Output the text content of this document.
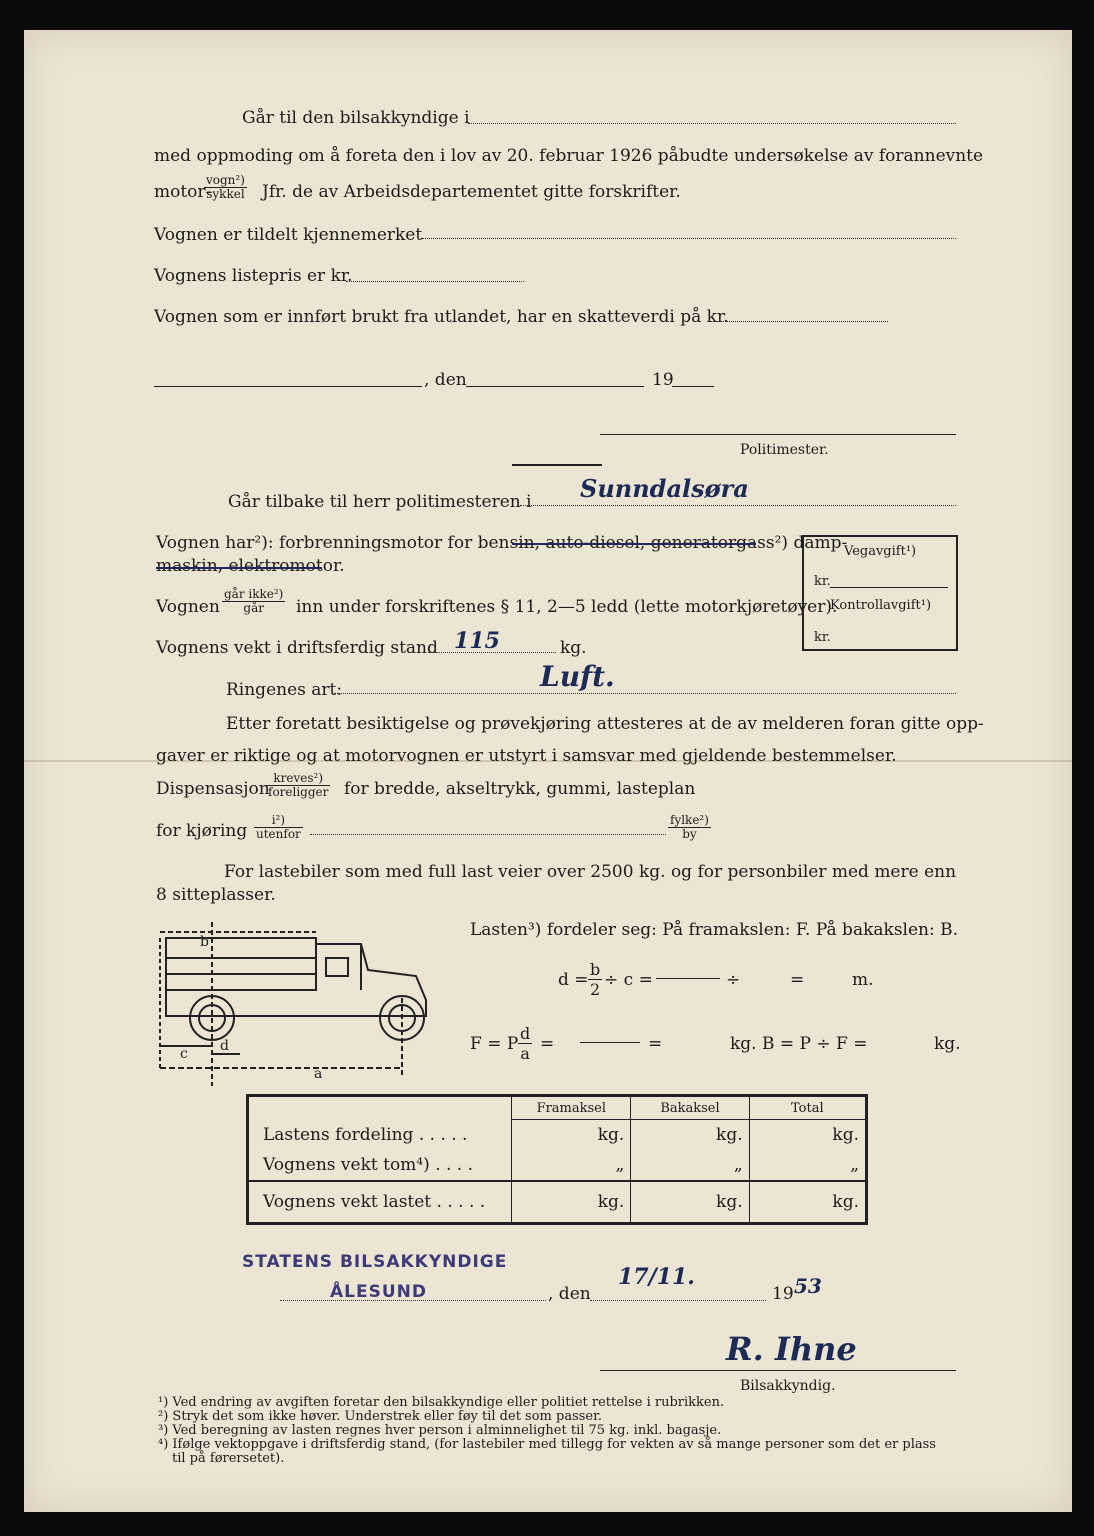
Går til den bilsakkyndige i
med oppmoding om å foreta den i lov av 20. februar 1926 påbudte undersøkelse av forannevnte
motor-
vogn²)
sykkel Jfr. de av Arbeidsdepartementet gitte forskrifter.
Vognen er tildelt kjennemerket
Vognens listepris er kr.
Vognen som er innført brukt fra utlandet, har en skatteverdi på kr.
, den	19
Politimester.
Går tilbake til herr politimesteren i Sunndalsøra
Vognen har²): forbrenningsmotor for bensin, auto-diesel, generatorgass²) damp-
maskin, elektromotor.
Vognen
går ikke²)
går	inn under forskriftenes § 11, 2—5 ledd (lette motorkjøretøyer).
Vognens vekt i driftsferdig stand 115	kg.
Ringenes art:	Luft.
Etter foretatt besiktigelse og prøvekjøring attesteres at de av melderen foran gitte opp-
gaver er riktige og at motorvognen er utstyrt i samsvar med gjeldende bestemmelser.
Dispensasjon
kreves²)
foreligger for bredde, akseltrykk, gummi, lasteplan
for kjøring
i²)
utenfor
fylke²)
by
For lastebiler som med full last veier over 2500 kg. og for personbiler med mere enn
8 sitteplasser.
Vegavgift¹)
kr.
Kontrollavgift¹)
kr.
b
c d
a
Lasten³) fordeler seg: På framakslen: F. På bakakslen: B.
$d = \frac{b}{2} \div c$ =	÷	=	m.
F = P $\frac{d}{a}$ =	=	kg. B = P ÷ F =	kg.
	Framaksel	Bakaksel	Total
Lastens fordeling . . . . .	kg.	kg.	kg.
Vognens vekt tom⁴) . . . .	„	„	„
Vognens vekt lastet . . . . .	kg.	kg.	kg.
STATENS BILSAKKYNDIGE
ÅLESUND	, den
17/11.
19 53
R. Ihne
Bilsakkyndig.
¹) Ved endring av avgiften foretar den bilsakkyndige eller politiet rettelse i rubrikken.
²) Stryk det som ikke høver. Understrek eller føy til det som passer.
³) Ved beregning av lasten regnes hver person i alminnelighet til 75 kg. inkl. bagasje.
⁴) Ifølge vektoppgave i driftsferdig stand, (for lastebiler med tillegg for vekten av så mange personer som det er plass
til på førersetet).
